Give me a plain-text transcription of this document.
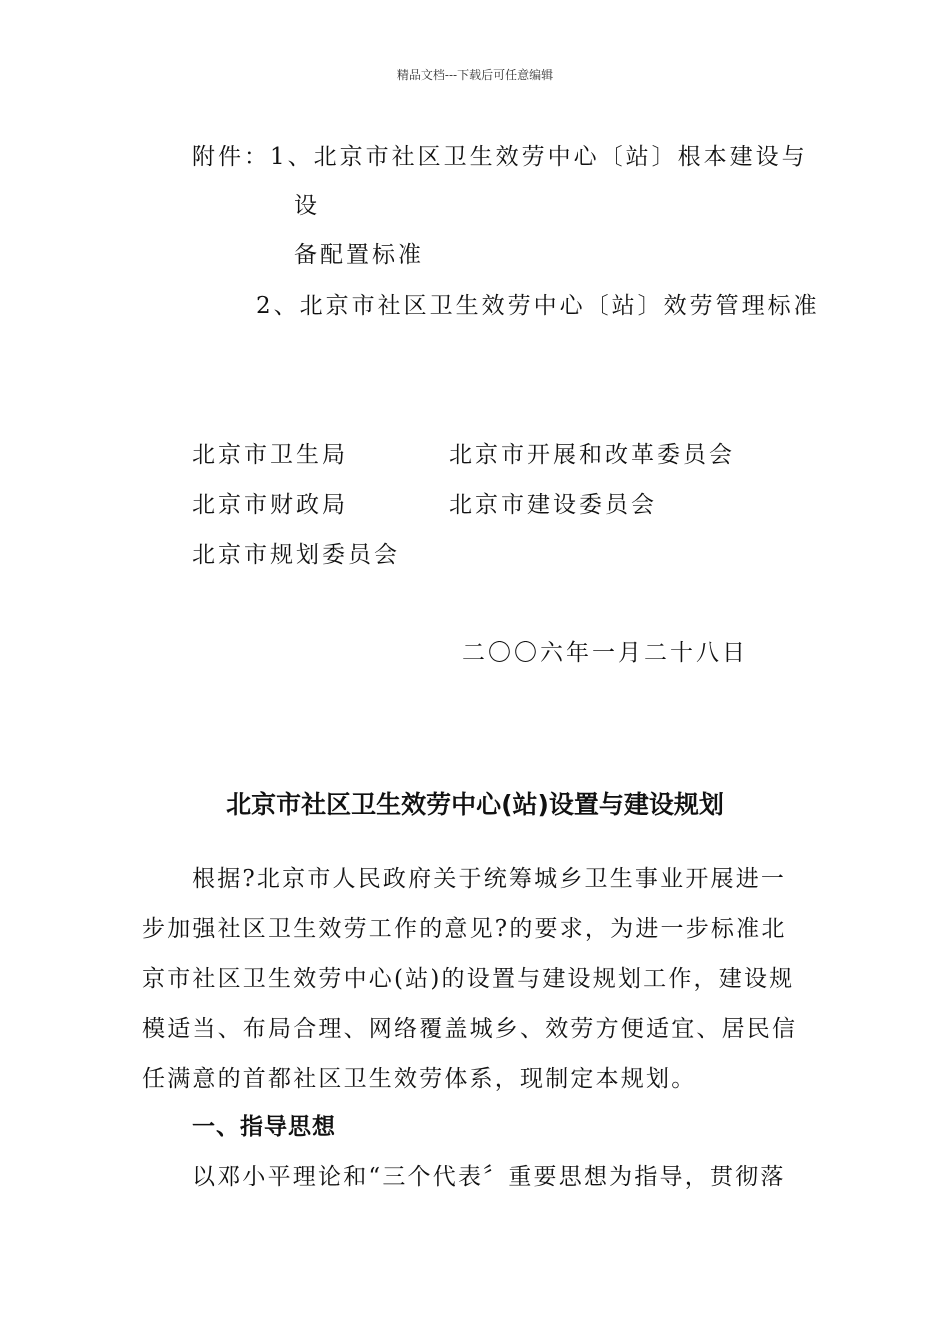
精品文档---下载后可任意编辑
附件：1、北京市社区卫生效劳中心〔站〕根本建设与
设
备配置标准
2、北京市社区卫生效劳中心〔站〕效劳管理标准
北京市卫生局	北京市开展和改革委员会
北京市财政局	北京市建设委员会
北京市规划委员会
二〇〇六年一月二十八日
北京市社区卫生效劳中心(站)设置与建设规划
根据?北京市人民政府关于统筹城乡卫生事业开展进一
步加强社区卫生效劳工作的意见?的要求，为进一步标准北
京市社区卫生效劳中心(站)的设置与建设规划工作，建设规
模适当、布局合理、网络覆盖城乡、效劳方便适宜、居民信
任满意的首都社区卫生效劳体系，现制定本规划。
一、指导思想
以邓小平理论和“三个代表〞重要思想为指导，贯彻落
